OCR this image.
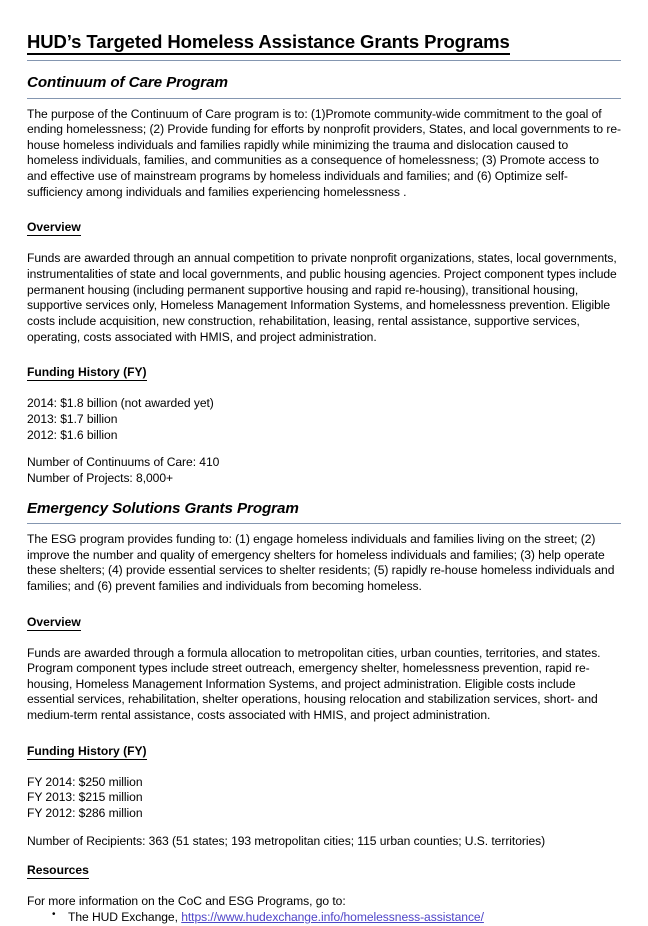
HUD’s Targeted Homeless Assistance Grants Programs
Continuum of Care Program

The purpose of the Continuum of Care program is to: (1)Promote community-wide commitment to the goal of ending homelessness; (2) Provide funding for efforts by nonprofit providers, States, and local governments to re-house homeless individuals and families rapidly while minimizing the trauma and dislocation caused to homeless individuals, families, and communities as a consequence of homelessness; (3) Promote access to and effective use of mainstream programs by homeless individuals and families; and (6) Optimize self-sufficiency among individuals and families experiencing homelessness .

Overview

Funds are awarded through an annual competition to private nonprofit organizations, states, local governments, instrumentalities of state and local governments, and public housing agencies. Project component types include permanent housing (including permanent supportive housing and rapid re-housing), transitional housing, supportive services only, Homeless Management Information Systems, and homelessness prevention. Eligible costs include acquisition, new construction, rehabilitation, leasing, rental assistance, supportive services, operating, costs associated with HMIS, and project administration.

Funding History (FY)
2014: $1.8 billion (not awarded yet)
2013: $1.7 billion
2012: $1.6 billion
Number of Continuums of Care: 410
Number of Projects: 8,000+
Emergency Solutions Grants Program

The ESG program provides funding to: (1) engage homeless individuals and families living on the street; (2) improve the number and quality of emergency shelters for homeless individuals and families; (3) help operate these shelters; (4) provide essential services to shelter residents; (5) rapidly re-house homeless individuals and families; and (6) prevent families and individuals from becoming homeless.

Overview

Funds are awarded through a formula allocation to metropolitan cities, urban counties, territories, and states. Program component types include street outreach, emergency shelter, homelessness prevention, rapid re-housing, Homeless Management Information Systems, and project administration. Eligible costs include essential services, rehabilitation, shelter operations, housing relocation and stabilization services, short- and medium-term rental assistance, costs associated with HMIS, and project administration.

Funding History (FY)
FY 2014: $250 million
FY 2013: $215 million
FY 2012: $286 million
Number of Recipients: 363 (51 states; 193 metropolitan cities; 115 urban counties; U.S. territories)
Resources

For more information on the CoC and ESG Programs, go to:

• The HUD Exchange, https://www.hudexchange.info/homelessness-assistance/
